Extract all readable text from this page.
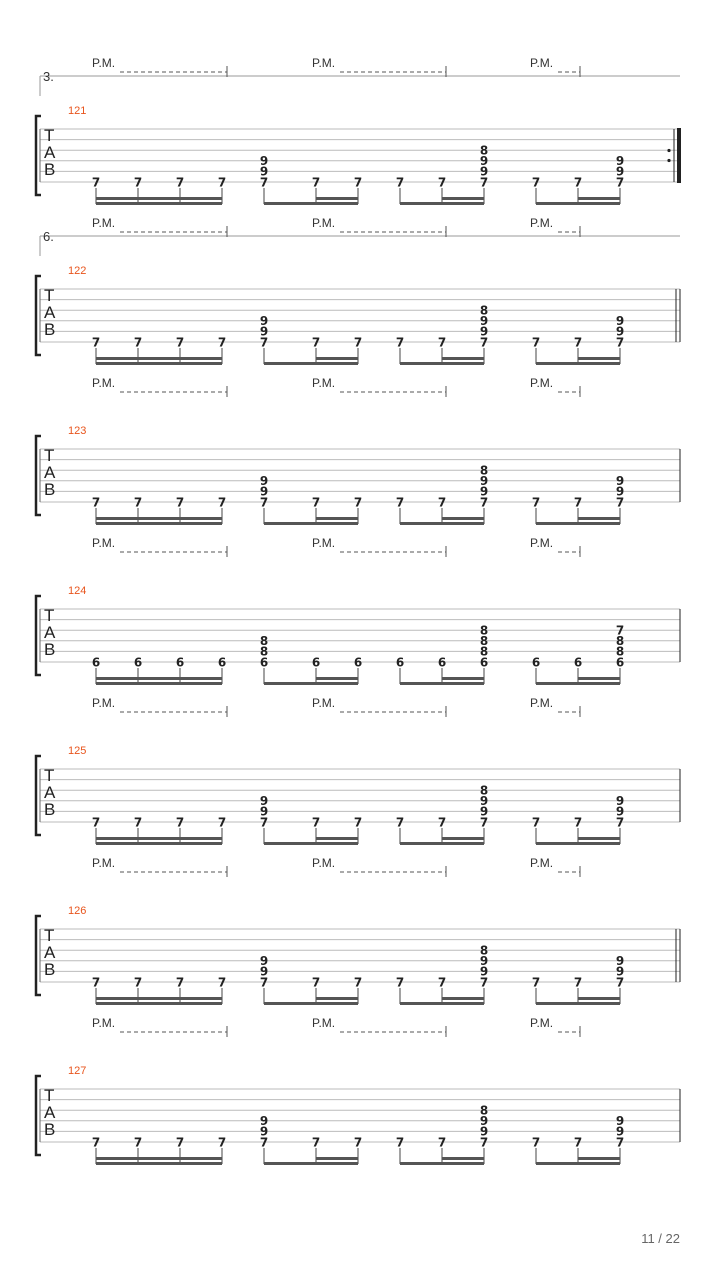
3.
P.M.	P.M.	P.M.
121
T
A
B
7	7	7	7
9
9
7	7	7	7	7
8
9
9
7	7	7
9
9
7
6.
P.M.	P.M.	P.M.
122
T
A
B
7	7	7	7
9
9
7	7	7	7	7
8
9
9
7	7	7
9
9
7
P.M.	P.M.	P.M.
123
T
A
B
7	7	7	7
9
9
7	7	7	7	7
8
9
9
7	7	7
9
9
7
P.M.	P.M.	P.M.
124
T
A
B
6	6	6	6
8
8
6	6	6	6	6
8
8
8
6	6	6
7
8
8
6
P.M.	P.M.	P.M.
125
T
A
B
7	7	7	7
9
9
7	7	7	7	7
8
9
9
7	7	7
9
9
7
P.M.	P.M.	P.M.
126
T
A
B
7	7	7	7
9
9
7	7	7	7	7
8
9
9
7	7	7
9
9
7
P.M.	P.M.	P.M.
127
T
A
B
7	7	7	7
9
9
7	7	7	7	7
8
9
9
7	7	7
9
9
7
11 / 22
